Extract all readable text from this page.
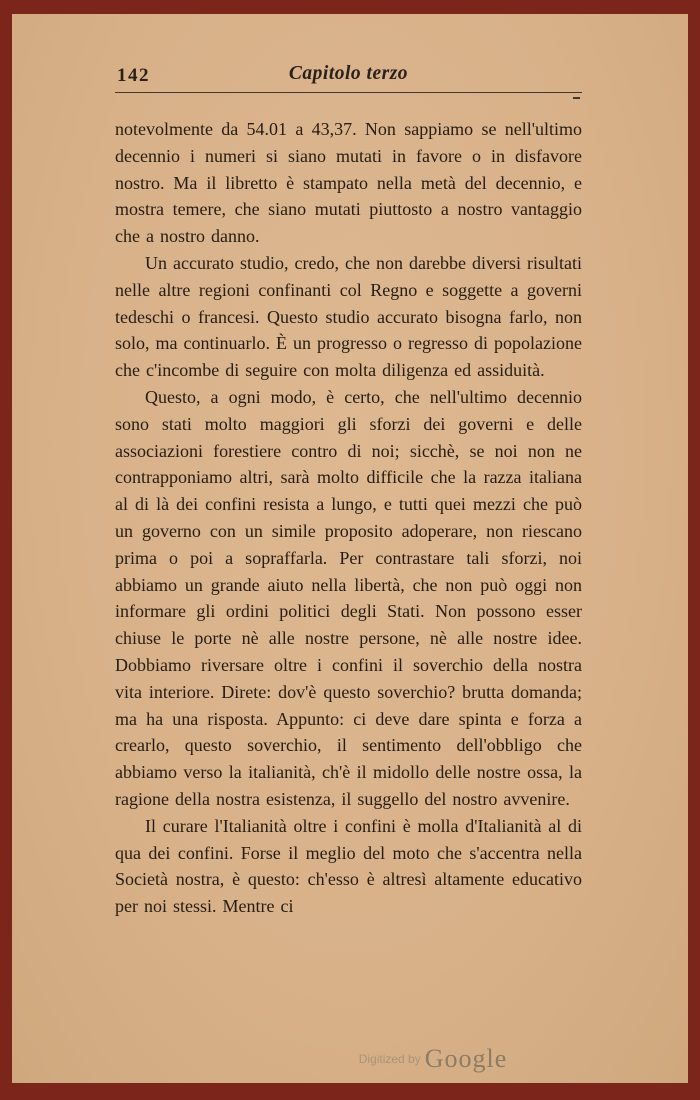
142	Capitolo terzo

notevolmente da 54.01 a 43,37. Non sappiamo se nell'ultimo decennio i numeri si siano mutati in favore o in disfavore nostro. Ma il libretto è stampato nella metà del decennio, e mostra temere, che siano mutati piuttosto a nostro vantaggio che a nostro danno.

Un accurato studio, credo, che non darebbe diversi risultati nelle altre regioni confinanti col Regno e soggette a governi tedeschi o francesi. Questo studio accurato bisogna farlo, non solo, ma continuarlo. È un progresso o regresso di popolazione che c'incombe di seguire con molta diligenza ed assiduità.

Questo, a ogni modo, è certo, che nell'ultimo decennio sono stati molto maggiori gli sforzi dei governi e delle associazioni forestiere contro di noi; sicchè, se noi non ne contrapponiamo altri, sarà molto difficile che la razza italiana al di là dei confini resista a lungo, e tutti quei mezzi che può un governo con un simile proposito adoperare, non riescano prima o poi a sopraffarla. Per contrastare tali sforzi, noi abbiamo un grande aiuto nella libertà, che non può oggi non informare gli ordini politici degli Stati. Non possono esser chiuse le porte nè alle nostre persone, nè alle nostre idee. Dobbiamo riversare oltre i confini il soverchio della nostra vita interiore. Direte: dov'è questo soverchio? brutta domanda; ma ha una risposta. Appunto: ci deve dare spinta e forza a crearlo, questo soverchio, il sentimento dell'obbligo che abbiamo verso la italianità, ch'è il midollo delle nostre ossa, la ragione della nostra esistenza, il suggello del nostro avvenire.

Il curare l'Italianità oltre i confini è molla d'Italianità al di qua dei confini. Forse il meglio del moto che s'accentra nella Società nostra, è questo: ch'esso è altresì altamente educativo per noi stessi. Mentre ci

$^{Digitized by}$ Google
